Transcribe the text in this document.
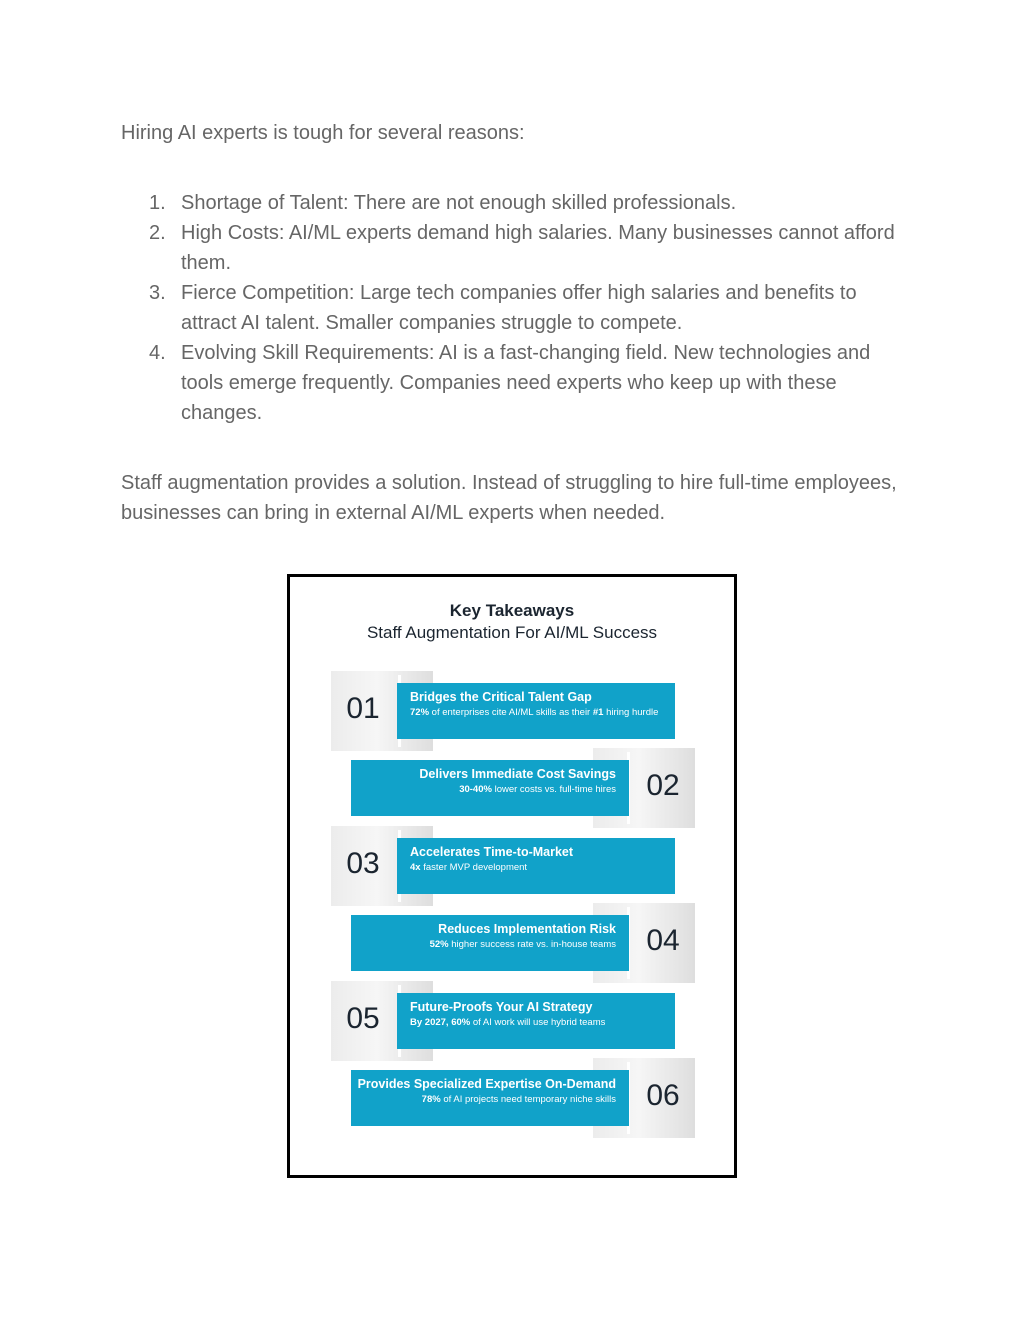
Hiring AI experts is tough for several reasons:

1. Shortage of Talent: There are not enough skilled professionals.
2. High Costs: AI/ML experts demand high salaries. Many businesses cannot afford them.
3. Fierce Competition: Large tech companies offer high salaries and benefits to attract AI talent. Smaller companies struggle to compete.
4. Evolving Skill Requirements: AI is a fast-changing field. New technologies and tools emerge frequently. Companies need experts who keep up with these changes.

Staff augmentation provides a solution. Instead of struggling to hire full-time employees, businesses can bring in external AI/ML experts when needed.

Key Takeaways
Staff Augmentation For AI/ML Success
01	Bridges the Critical Talent Gap
72% of enterprises cite AI/ML skills as their #1 hiring hurdle
02
Delivers Immediate Cost Savings
30-40% lower costs vs. full-time hires
03	Accelerates Time-to-Market
4x faster MVP development
04
Reduces Implementation Risk
52% higher success rate vs. in-house teams
05	Future-Proofs Your AI Strategy
By 2027, 60% of AI work will use hybrid teams
06
Provides Specialized Expertise On-Demand
78% of AI projects need temporary niche skills
